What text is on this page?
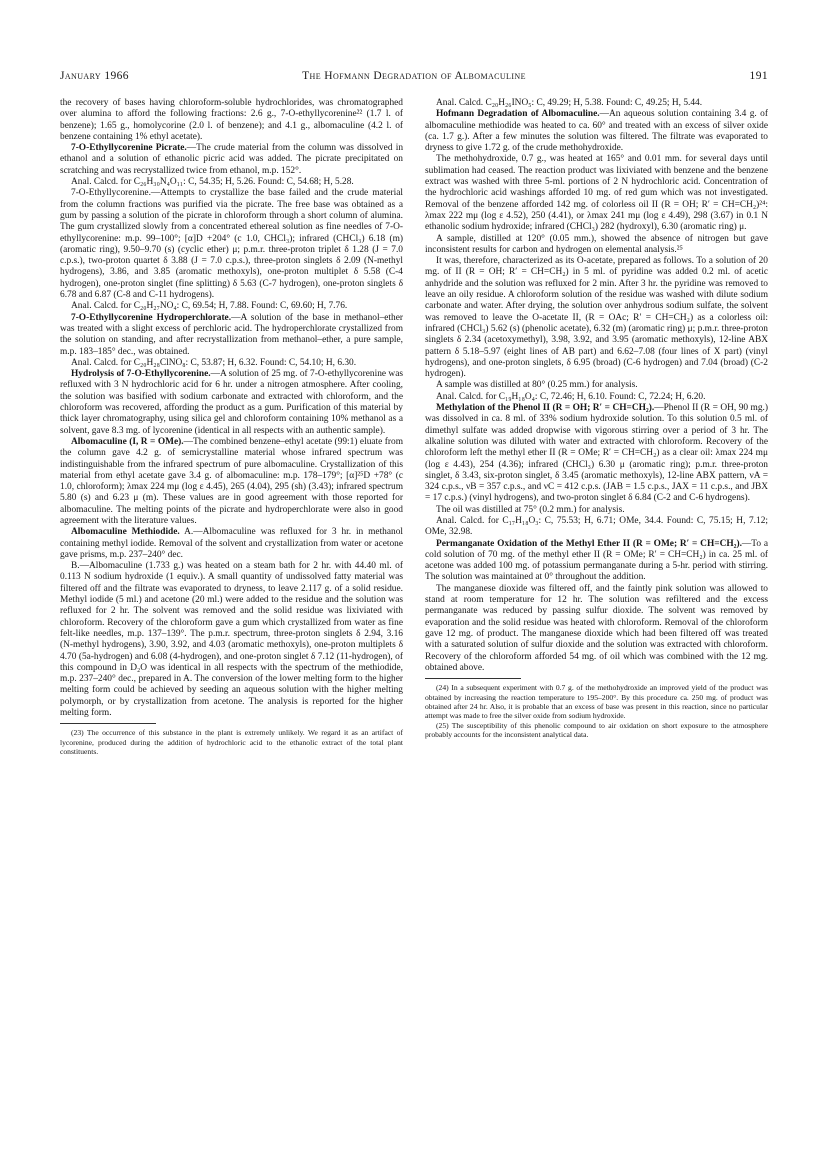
January 1966	The Hofmann Degradation of Albomaculine	191

the recovery of bases having chloroform-soluble hydrochlorides, was chromatographed over alumina to afford the following fractions: 2.6 g., 7-O-ethyllycorenine²² (1.7 l. of benzene); 1.65 g., homolycorine (2.0 l. of benzene); and 4.1 g., albomaculine (4.2 l. of benzene containing 1% ethyl acetate).

7-O-Ethyllycorenine Picrate.—The crude material from the column was dissolved in ethanol and a solution of ethanolic picric acid was added. The picrate precipitated on scratching and was recrystallized twice from ethanol, m.p. 152°.

Anal. Calcd. for C₂₆H₃₀N₄O₁₁: C, 54.35; H, 5.26. Found: C, 54.68; H, 5.28.

7-O-Ethyllycorenine.—Attempts to crystallize the base failed and the crude material from the column fractions was purified via the picrate. The free base was obtained as a gum by passing a solution of the picrate in chloroform through a short column of alumina. The gum crystallized slowly from a concentrated ethereal solution as fine needles of 7-O-ethyllycorenine: m.p. 99–100°; [α]D +204° (c 1.0, CHCl₃); infrared (CHCl₃) 6.18 (m) (aromatic ring), 9.50–9.70 (s) (cyclic ether) μ; p.m.r. three-proton triplet δ 1.28 (J = 7.0 c.p.s.), two-proton quartet δ 3.88 (J = 7.0 c.p.s.), three-proton singlets δ 2.09 (N-methyl hydrogens), 3.86, and 3.85 (aromatic methoxyls), one-proton multiplet δ 5.58 (C-4 hydrogen), one-proton singlet (fine splitting) δ 5.63 (C-7 hydrogen), one-proton singlets δ 6.78 and 6.87 (C-8 and C-11 hydrogens).

Anal. Calcd. for C₂₀H₂₇NO₄: C, 69.54; H, 7.88. Found: C, 69.60; H, 7.76.

7-O-Ethyllycorenine Hydroperchlorate.—A solution of the base in methanol–ether was treated with a slight excess of perchloric acid. The hydroperchlorate crystallized from the solution on standing, and after recrystallization from methanol–ether, a pure sample, m.p. 183–185° dec., was obtained.

Anal. Calcd. for C₂₀H₂₈ClNO₈: C, 53.87; H, 6.32. Found: C, 54.10; H, 6.30.

Hydrolysis of 7-O-Ethyllycorenine.—A solution of 25 mg. of 7-O-ethyllycorenine was refluxed with 3 N hydrochloric acid for 6 hr. under a nitrogen atmosphere. After cooling, the solution was basified with sodium carbonate and extracted with chloroform, and the chloroform was recovered, affording the product as a gum. Purification of this material by thick layer chromatography, using silica gel and chloroform containing 10% methanol as a solvent, gave 8.3 mg. of lycorenine (identical in all respects with an authentic sample).

Albomaculine (I, R = OMe).—The combined benzene–ethyl acetate (99:1) eluate from the column gave 4.2 g. of semicrystalline material whose infrared spectrum was indistinguishable from the infrared spectrum of pure albomaculine. Crystallization of this material from ethyl acetate gave 3.4 g. of albomaculine: m.p. 178–179°; [α]²⁵D +78° (c 1.0, chloroform); λmax 224 mμ (log ε 4.45), 265 (4.04), 295 (sh) (3.43); infrared spectrum 5.80 (s) and 6.23 μ (m). These values are in good agreement with those reported for albomaculine. The melting points of the picrate and hydroperchlorate were also in good agreement with the literature values.

Albomaculine Methiodide. A.—Albomaculine was refluxed for 3 hr. in methanol containing methyl iodide. Removal of the solvent and crystallization from water or acetone gave prisms, m.p. 237–240° dec.

B.—Albomaculine (1.733 g.) was heated on a steam bath for 2 hr. with 44.40 ml. of 0.113 N sodium hydroxide (1 equiv.). A small quantity of undissolved fatty material was filtered off and the filtrate was evaporated to dryness, to leave 2.117 g. of a solid residue. Methyl iodide (5 ml.) and acetone (20 ml.) were added to the residue and the solution was refluxed for 2 hr. The solvent was removed and the solid residue was lixiviated with chloroform. Recovery of the chloroform gave a gum which crystallized from water as fine felt-like needles, m.p. 137–139°. The p.m.r. spectrum, three-proton singlets δ 2.94, 3.16 (N-methyl hydrogens), 3.90, 3.92, and 4.03 (aromatic methoxyls), one-proton multiplets δ 4.70 (5a-hydrogen) and 6.08 (4-hydrogen), and one-proton singlet δ 7.12 (11-hydrogen), of this compound in D₂O was identical in all respects with the spectrum of the methiodide, m.p. 237–240° dec., prepared in A. The conversion of the lower melting form to the higher melting form could be achieved by seeding an aqueous solution with the higher melting polymorph, or by crystallization from acetone. The analysis is reported for the higher melting form.

(23) The occurrence of this substance in the plant is extremely unlikely. We regard it as an artifact of lycorenine, produced during the addition of hydrochloric acid to the ethanolic extract of the total plant constituents.

Anal. Calcd. C₂₀H₂₆INO₅: C, 49.29; H, 5.38. Found: C, 49.25; H, 5.44.

Hofmann Degradation of Albomaculine.—An aqueous solution containing 3.4 g. of albomaculine methiodide was heated to ca. 60° and treated with an excess of silver oxide (ca. 1.7 g.). After a few minutes the solution was filtered. The filtrate was evaporated to dryness to give 1.72 g. of the crude methohydroxide.

The methohydroxide, 0.7 g., was heated at 165° and 0.01 mm. for several days until sublimation had ceased. The reaction product was lixiviated with benzene and the benzene extract was washed with three 5-ml. portions of 2 N hydrochloric acid. Concentration of the hydrochloric acid washings afforded 10 mg. of red gum which was not investigated. Removal of the benzene afforded 142 mg. of colorless oil II (R = OH; R′ = CH=CH₂)²⁴: λmax 222 mμ (log ε 4.52), 250 (4.41), or λmax 241 mμ (log ε 4.49), 298 (3.67) in 0.1 N ethanolic sodium hydroxide; infrared (CHCl₃) 282 (hydroxyl), 6.30 (aromatic ring) μ.

A sample, distilled at 120° (0.05 mm.), showed the absence of nitrogen but gave inconsistent results for carbon and hydrogen on elemental analysis.²⁵

It was, therefore, characterized as its O-acetate, prepared as follows. To a solution of 20 mg. of II (R = OH; R′ = CH=CH₂) in 5 ml. of pyridine was added 0.2 ml. of acetic anhydride and the solution was refluxed for 2 min. After 3 hr. the pyridine was removed to leave an oily residue. A chloroform solution of the residue was washed with dilute sodium carbonate and water. After drying, the solution over anhydrous sodium sulfate, the solvent was removed to leave the O-acetate II, (R = OAc; R′ = CH=CH₂) as a colorless oil: infrared (CHCl₃) 5.62 (s) (phenolic acetate), 6.32 (m) (aromatic ring) μ; p.m.r. three-proton singlets δ 2.34 (acetoxymethyl), 3.98, 3.92, and 3.95 (aromatic methoxyls), 12-line ABX pattern δ 5.18–5.97 (eight lines of AB part) and 6.62–7.08 (four lines of X part) (vinyl hydrogens), and one-proton singlets, δ 6.95 (broad) (C-6 hydrogen) and 7.04 (broad) (C-2 hydrogen).

A sample was distilled at 80° (0.25 mm.) for analysis.

Anal. Calcd. for C₁₉H₁₈O₄: C, 72.46; H, 6.10. Found: C, 72.24; H, 6.20.

Methylation of the Phenol II (R = OH; R′ = CH=CH₂).—Phenol II (R = OH, 90 mg.) was dissolved in ca. 8 ml. of 33% sodium hydroxide solution. To this solution 0.5 ml. of dimethyl sulfate was added dropwise with vigorous stirring over a period of 3 hr. The alkaline solution was diluted with water and extracted with chloroform. Recovery of the chloroform left the methyl ether II (R = OMe; R′ = CH=CH₂) as a clear oil: λmax 224 mμ (log ε 4.43), 254 (4.36); infrared (CHCl₃) 6.30 μ (aromatic ring); p.m.r. three-proton singlet, δ 3.43, six-proton singlet, δ 3.45 (aromatic methoxyls), 12-line ABX pattern, νA = 324 c.p.s., νB = 357 c.p.s., and νC = 412 c.p.s. (JAB = 1.5 c.p.s., JAX = 11 c.p.s., and JBX = 17 c.p.s.) (vinyl hydrogens), and two-proton singlet δ 6.84 (C-2 and C-6 hydrogens).

The oil was distilled at 75° (0.2 mm.) for analysis.

Anal. Calcd. for C₁₇H₁₈O₃: C, 75.53; H, 6.71; OMe, 34.4. Found: C, 75.15; H, 7.12; OMe, 32.98.

Permanganate Oxidation of the Methyl Ether II (R = OMe; R′ = CH=CH₂).—To a cold solution of 70 mg. of the methyl ether II (R = OMe; R′ = CH=CH₂) in ca. 25 ml. of acetone was added 100 mg. of potassium permanganate during a 5-hr. period with stirring. The solution was maintained at 0° throughout the addition.

The manganese dioxide was filtered off, and the faintly pink solution was allowed to stand at room temperature for 12 hr. The solution was refiltered and the excess permanganate was reduced by passing sulfur dioxide. The solvent was removed by evaporation and the solid residue was heated with chloroform. Removal of the chloroform gave 12 mg. of product. The manganese dioxide which had been filtered off was treated with a saturated solution of sulfur dioxide and the solution was extracted with chloroform. Recovery of the chloroform afforded 54 mg. of oil which was combined with the 12 mg. obtained above.

(24) In a subsequent experiment with 0.7 g. of the methohydroxide an improved yield of the product was obtained by increasing the reaction temperature to 195–200°. By this procedure ca. 250 mg. of product was obtained after 24 hr. Also, it is probable that an excess of base was present in this reaction, since no particular attempt was made to free the silver oxide from sodium hydroxide.

(25) The susceptibility of this phenolic compound to air oxidation on short exposure to the atmosphere probably accounts for the inconsistent analytical data.
